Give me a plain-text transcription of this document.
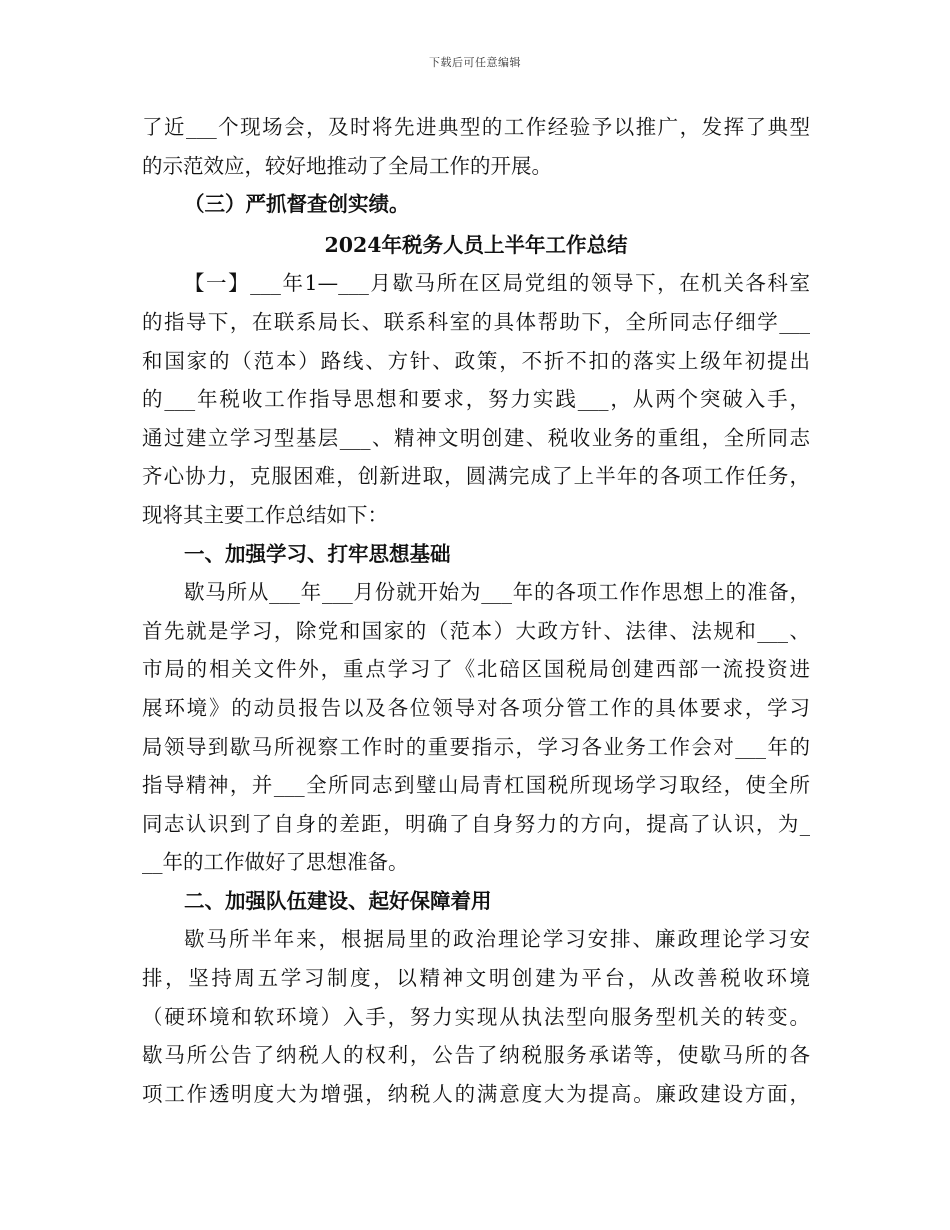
下载后可任意编辑
了近___个现场会，及时将先进典型的工作经验予以推广，发挥了典型
的示范效应，较好地推动了全局工作的开展。
（三）严抓督查创实绩。
2024年税务人员上半年工作总结
【一】___年1—___月歇马所在区局党组的领导下，在机关各科室
的指导下，在联系局长、联系科室的具体帮助下，全所同志仔细学___
和国家的（范本）路线、方针、政策，不折不扣的落实上级年初提出
的___年税收工作指导思想和要求，努力实践___，从两个突破入手，
通过建立学习型基层___、精神文明创建、税收业务的重组，全所同志
齐心协力，克服困难，创新进取，圆满完成了上半年的各项工作任务，
现将其主要工作总结如下：
一、加强学习、打牢思想基础
歇马所从___年___月份就开始为___年的各项工作作思想上的准备，
首先就是学习，除党和国家的（范本）大政方针、法律、法规和___、
市局的相关文件外，重点学习了《北碚区国税局创建西部一流投资进
展环境》的动员报告以及各位领导对各项分管工作的具体要求，学习
局领导到歇马所视察工作时的重要指示，学习各业务工作会对___年的
指导精神，并___全所同志到璧山局青杠国税所现场学习取经，使全所
同志认识到了自身的差距，明确了自身努力的方向，提高了认识，为_
__年的工作做好了思想准备。
二、加强队伍建设、起好保障着用
歇马所半年来，根据局里的政治理论学习安排、廉政理论学习安
排，坚持周五学习制度，以精神文明创建为平台，从改善税收环境
（硬环境和软环境）入手，努力实现从执法型向服务型机关的转变。
歇马所公告了纳税人的权利，公告了纳税服务承诺等，使歇马所的各
项工作透明度大为增强，纳税人的满意度大为提高。廉政建设方面，
